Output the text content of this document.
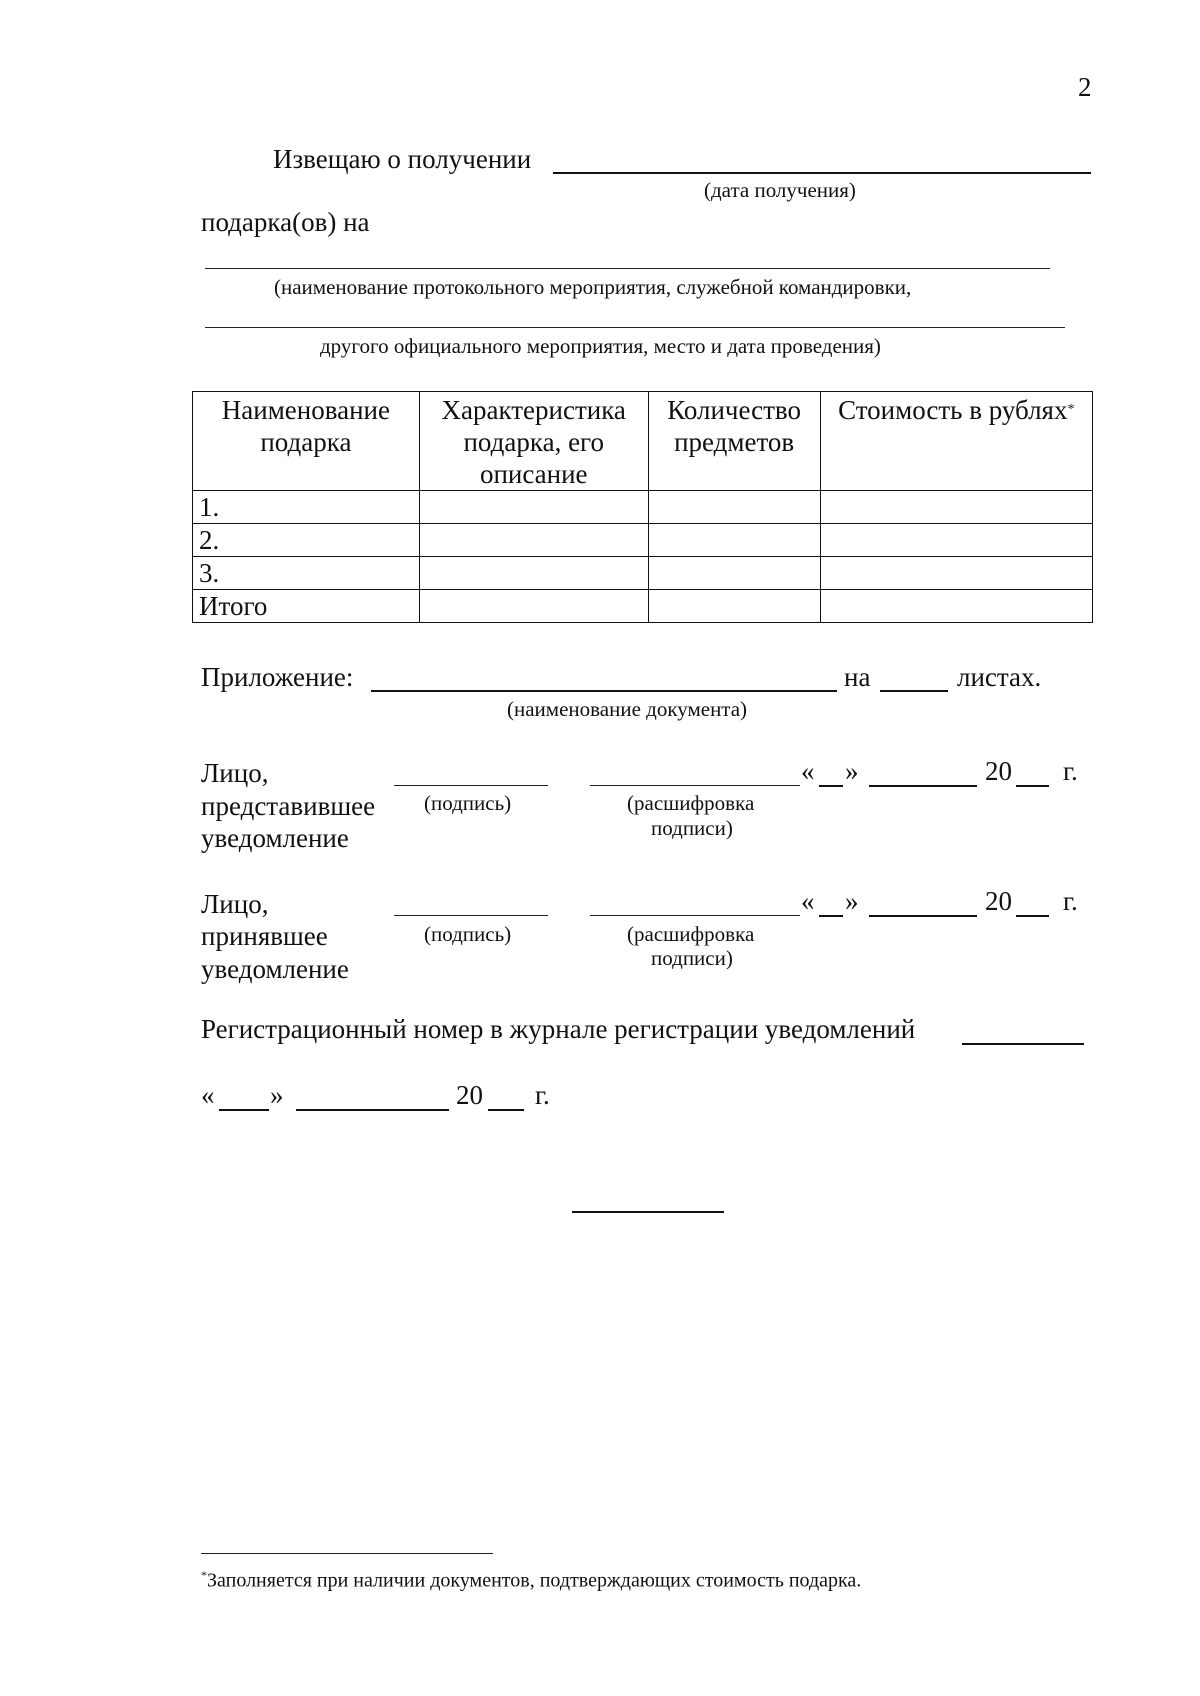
2
Извещаю о получении
(дата получения)
подарка(ов) на
(наименование протокольного мероприятия, служебной командировки,
другого официального мероприятия, место и дата проведения)
Наименование подарка	Характеристика подарка, его описание	Количество предметов	Стоимость в рублях*
1.			
2.			
3.			
Итого			
Приложение:	на	листах.
(наименование документа)
Лицо,
представившее
уведомление
(подпись)	(расшифровка
подписи)
« »	20 г.
Лицо,
принявшее
уведомление
(подпись)	(расшифровка
подписи)
« »	20 г.
Регистрационный номер в журнале регистрации уведомлений
« »	20 г.
*Заполняется при наличии документов, подтверждающих стоимость подарка.
